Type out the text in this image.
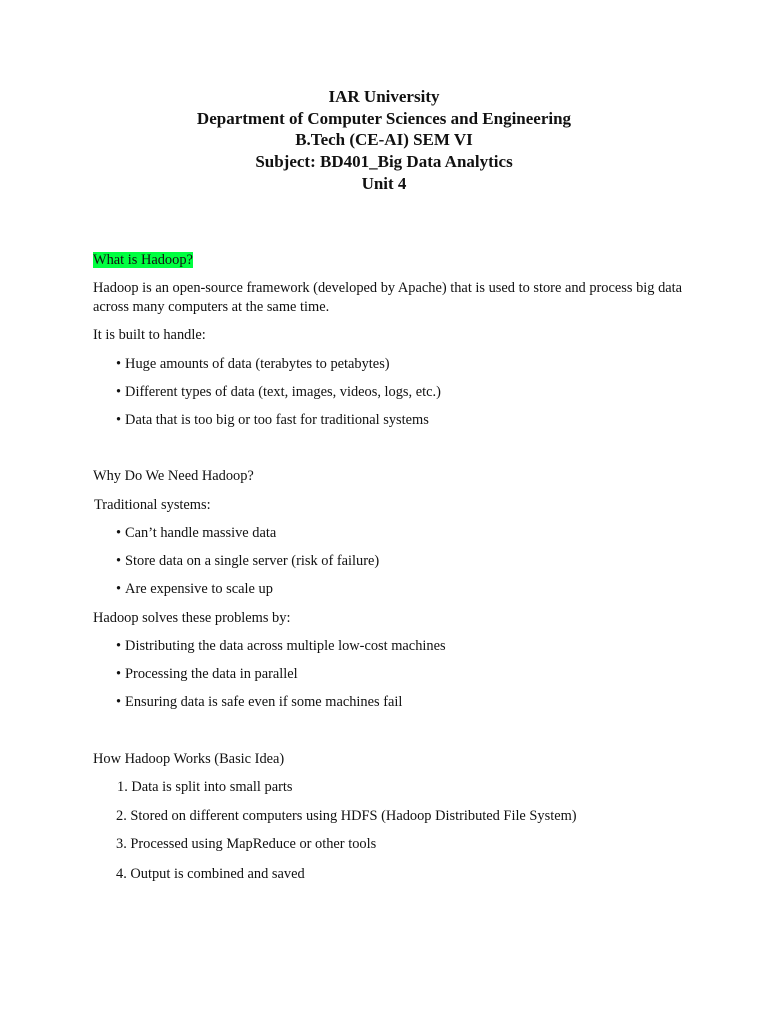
IAR University
Department of Computer Sciences and Engineering
B.Tech (CE-AI) SEM VI
Subject: BD401_Big Data Analytics
Unit 4
What is Hadoop?
Hadoop is an open-source framework (developed by Apache) that is used to store and process big data across many computers at the same time.
It is built to handle:
• Huge amounts of data (terabytes to petabytes)
• Different types of data (text, images, videos, logs, etc.)
• Data that is too big or too fast for traditional systems
Why Do We Need Hadoop?
Traditional systems:
• Can’t handle massive data
• Store data on a single server (risk of failure)
• Are expensive to scale up
Hadoop solves these problems by:
• Distributing the data across multiple low-cost machines
• Processing the data in parallel
• Ensuring data is safe even if some machines fail
How Hadoop Works (Basic Idea)
1. Data is split into small parts
2. Stored on different computers using HDFS (Hadoop Distributed File System)
3. Processed using MapReduce or other tools
4. Output is combined and saved
